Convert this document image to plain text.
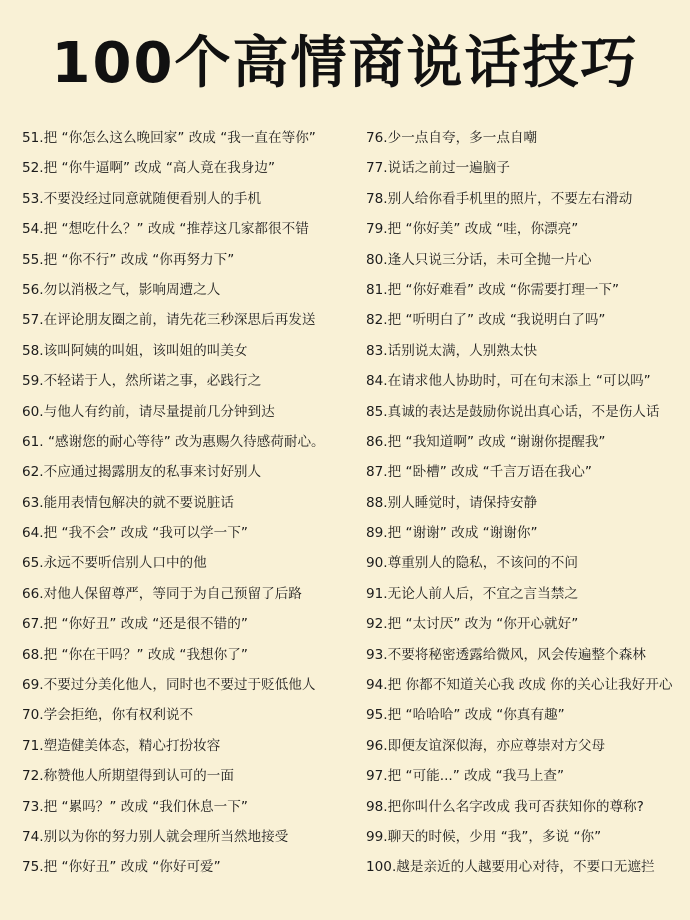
100个高情商说话技巧
51.把 “你怎么这么晚回家” 改成 “我一直在等你”
52.把 “你牛逼啊” 改成 “高人竟在我身边”
53.不要没经过同意就随便看别人的手机
54.把 “想吃什么？” 改成 “推荐这几家都很不错
55.把 “你不行” 改成 “你再努力下”
56.勿以消极之气，影响周遭之人
57.在评论朋友圈之前，请先花三秒深思后再发送
58.该叫阿姨的叫姐，该叫姐的叫美女
59.不轻诺于人，然所诺之事，必践行之
60.与他人有约前，请尽量提前几分钟到达
61. “感谢您的耐心等待” 改为惠赐久待感荷耐心。
62.不应通过揭露朋友的私事来讨好别人
63.能用表情包解决的就不要说脏话
64.把 “我不会” 改成 “我可以学一下”
65.永远不要听信别人口中的他
66.对他人保留尊严，等同于为自己预留了后路
67.把 “你好丑” 改成 “还是很不错的”
68.把 “你在干吗？” 改成 “我想你了”
69.不要过分美化他人，同时也不要过于贬低他人
70.学会拒绝，你有权利说不
71.塑造健美体态，精心打扮妆容
72.称赞他人所期望得到认可的一面
73.把 “累吗？” 改成 “我们休息一下”
74.别以为你的努力别人就会理所当然地接受
75.把 “你好丑” 改成 “你好可爱”
76.少一点自夸，多一点自嘲
77.说话之前过一遍脑子
78.别人给你看手机里的照片，不要左右滑动
79.把 “你好美” 改成 “哇，你漂亮”
80.逢人只说三分话，未可全抛一片心
81.把 “你好难看” 改成 “你需要打理一下”
82.把 “听明白了” 改成 “我说明白了吗”
83.话别说太满，人别熟太快
84.在请求他人协助时，可在句末添上 “可以吗”
85.真诚的表达是鼓励你说出真心话，不是伤人话
86.把 “我知道啊” 改成 “谢谢你提醒我”
87.把 “卧槽” 改成 “千言万语在我心”
88.别人睡觉时，请保持安静
89.把 “谢谢” 改成 “谢谢你”
90.尊重别人的隐私，不该问的不问
91.无论人前人后，不宜之言当禁之
92.把 “太讨厌” 改为 “你开心就好”
93.不要将秘密透露给微风，风会传遍整个森林
94.把 你都不知道关心我 改成 你的关心让我好开心
95.把 “哈哈哈” 改成 “你真有趣”
96.即便友谊深似海，亦应尊崇对方父母
97.把 “可能...” 改成 “我马上查”
98.把你叫什么名字改成 我可否获知你的尊称?
99.聊天的时候，少用 “我”，多说 “你”
100.越是亲近的人越要用心对待，不要口无遮拦
